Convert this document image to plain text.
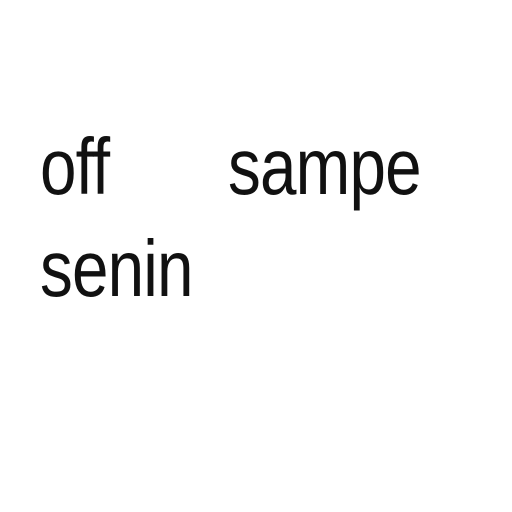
off sampe
senin
